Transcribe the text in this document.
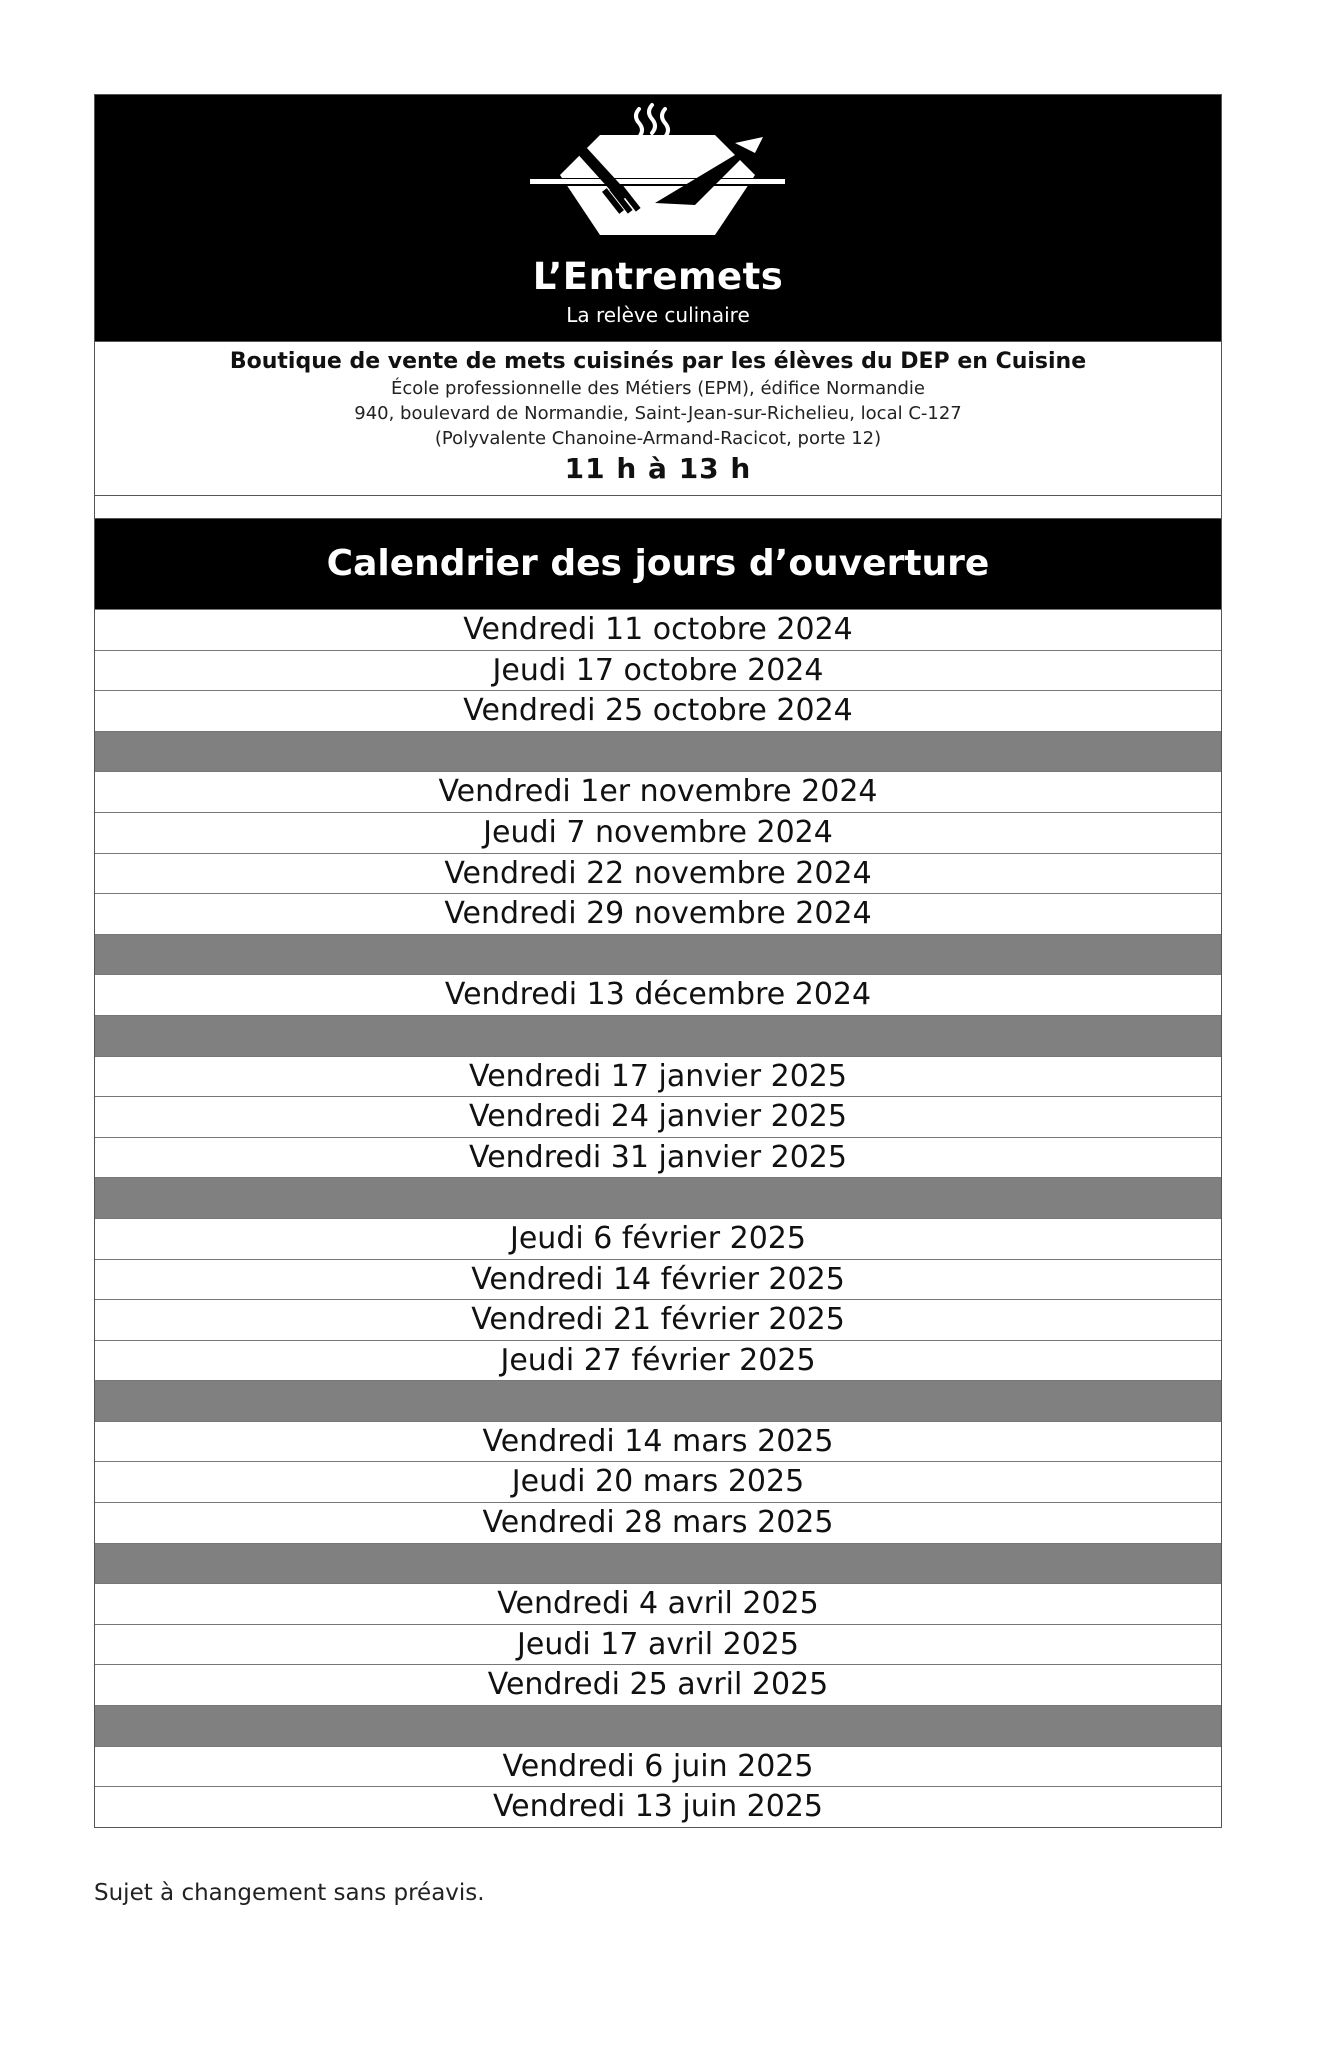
L’Entremets
La relève culinaire
Boutique de vente de mets cuisinés par les élèves du DEP en Cuisine
École professionnelle des Métiers (EPM), édifice Normandie
940, boulevard de Normandie, Saint-Jean-sur-Richelieu, local C-127
(Polyvalente Chanoine-Armand-Racicot, porte 12)
11 h à 13 h
Calendrier des jours d’ouverture
Vendredi 11 octobre 2024
Jeudi 17 octobre 2024
Vendredi 25 octobre 2024
Vendredi 1er novembre 2024
Jeudi 7 novembre 2024
Vendredi 22 novembre 2024
Vendredi 29 novembre 2024
Vendredi 13 décembre 2024
Vendredi 17 janvier 2025
Vendredi 24 janvier 2025
Vendredi 31 janvier 2025
Jeudi 6 février 2025
Vendredi 14 février 2025
Vendredi 21 février 2025
Jeudi 27 février 2025
Vendredi 14 mars 2025
Jeudi 20 mars 2025
Vendredi 28 mars 2025
Vendredi 4 avril 2025
Jeudi 17 avril 2025
Vendredi 25 avril 2025
Vendredi 6 juin 2025
Vendredi 13 juin 2025
Sujet à changement sans préavis.
